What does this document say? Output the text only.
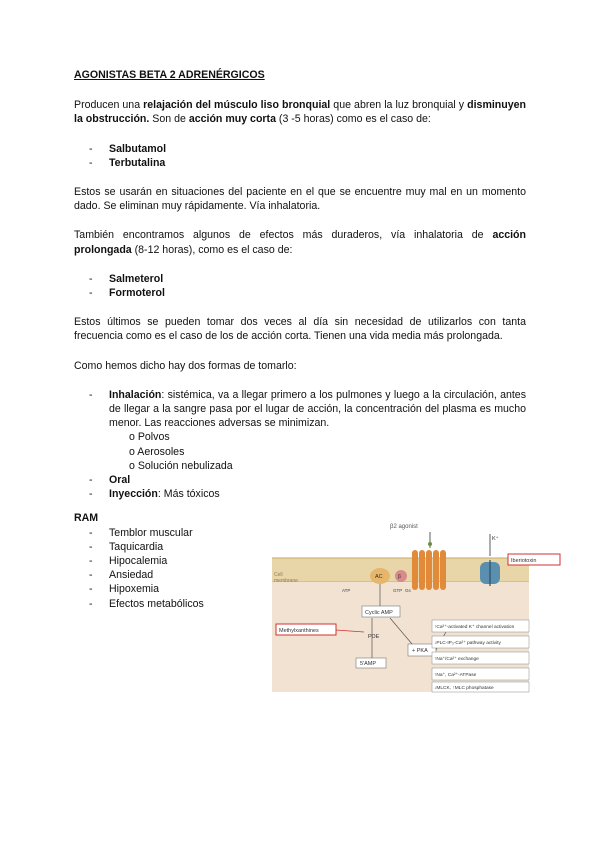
AGONISTAS BETA 2 ADRENÉRGICOS

Producen una relajación del músculo liso bronquial que abren la luz bronquial y disminuyen la obstrucción. Son de acción muy corta (3 -5 horas) como es el caso de:

- Salbutamol
- Terbutalina

Estos se usarán en situaciones del paciente en el que se encuentre muy mal en un momento dado. Se eliminan muy rápidamente. Vía inhalatoria.

También encontramos algunos de efectos más duraderos, vía inhalatoria de acción prolongada (8-12 horas), como es el caso de:

- Salmeterol
- Formoterol

Estos últimos se pueden tomar dos veces al día sin necesidad de utilizarlos con tanta frecuencia como es el caso de los de acción corta. Tienen una vida media más prolongada.

Como hemos dicho hay dos formas de tomarlo:

- Inhalación: sistémica, va a llegar primero a los pulmones y luego a la circulación, antes de llegar a la sangre pasa por el lugar de acción, la concentración del plasma es mucho menor. Las reacciones adversas se minimizan.
o Polvos
o Aerosoles
o Solución nebulizada
- Oral
- Inyección: Más tóxicos
RAM
- Temblor muscular
- Taquicardia
- Hipocalemia
- Ansiedad
- Hipoxemia
- Efectos metabólicos
β2 agonist
Cell
membrane
AC	β
GTP Gs
ATP
K⁺
Iberiotoxin
Cyclic AMP
Methylxanthines
PDE
5'AMP
+ PKA
↑Ca²⁺-activated K⁺ channel activation
↓PLC-IP₃-Ca²⁺ pathway activity
↑Na⁺/Ca²⁺ exchange
↑Na⁺, Ca²⁺-ATPase
↓MLCK, ↑MLC phosphatase
